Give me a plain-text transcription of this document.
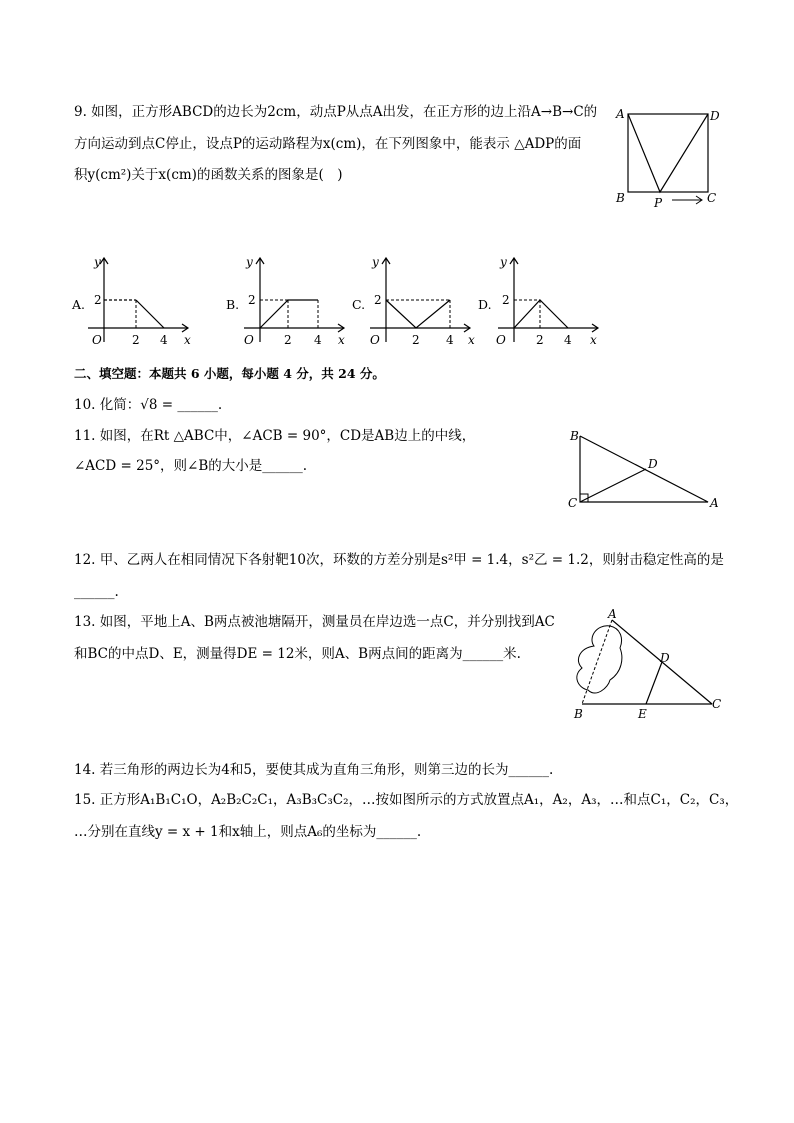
9. 如图，正方形ABCD的边长为2cm，动点P从点A出发，在正方形的边上沿A→B→C的
方向运动到点C停止，设点P的运动路程为x(cm)，在下列图象中，能表示 △ADP的面
积y(cm²)关于x(cm)的函数关系的图象是(　)
A	D
B P	C
A.
y
2
O	2 4 x
B.
y
2
O	2 4 x
C.
y
2
O	2 4 x
D.
y
2
O	2 4 x
二、填空题：本题共 6 小题，每小题 4 分，共 24 分。
10. 化简：√8 = ______.
11. 如图，在Rt △ABC中，∠ACB = 90°，CD是AB边上的中线，
∠ACD = 25°，则∠B的大小是______.
B
D
C	A
12. 甲、乙两人在相同情况下各射靶10次，环数的方差分别是s²甲 = 1.4，s²乙 = 1.2，则射击稳定性高的是
______.
13. 如图，平地上A、B两点被池塘隔开，测量员在岸边选一点C，并分别找到AC
和BC的中点D、E，测量得DE = 12米，则A、B两点间的距离为______米.
A
D
B	E
C
14. 若三角形的两边长为4和5，要使其成为直角三角形，则第三边的长为______.
15. 正方形A₁B₁C₁O，A₂B₂C₂C₁，A₃B₃C₃C₂，…按如图所示的方式放置点A₁，A₂，A₃，…和点C₁，C₂，C₃，
…分别在直线y = x + 1和x轴上，则点A₆的坐标为______.
